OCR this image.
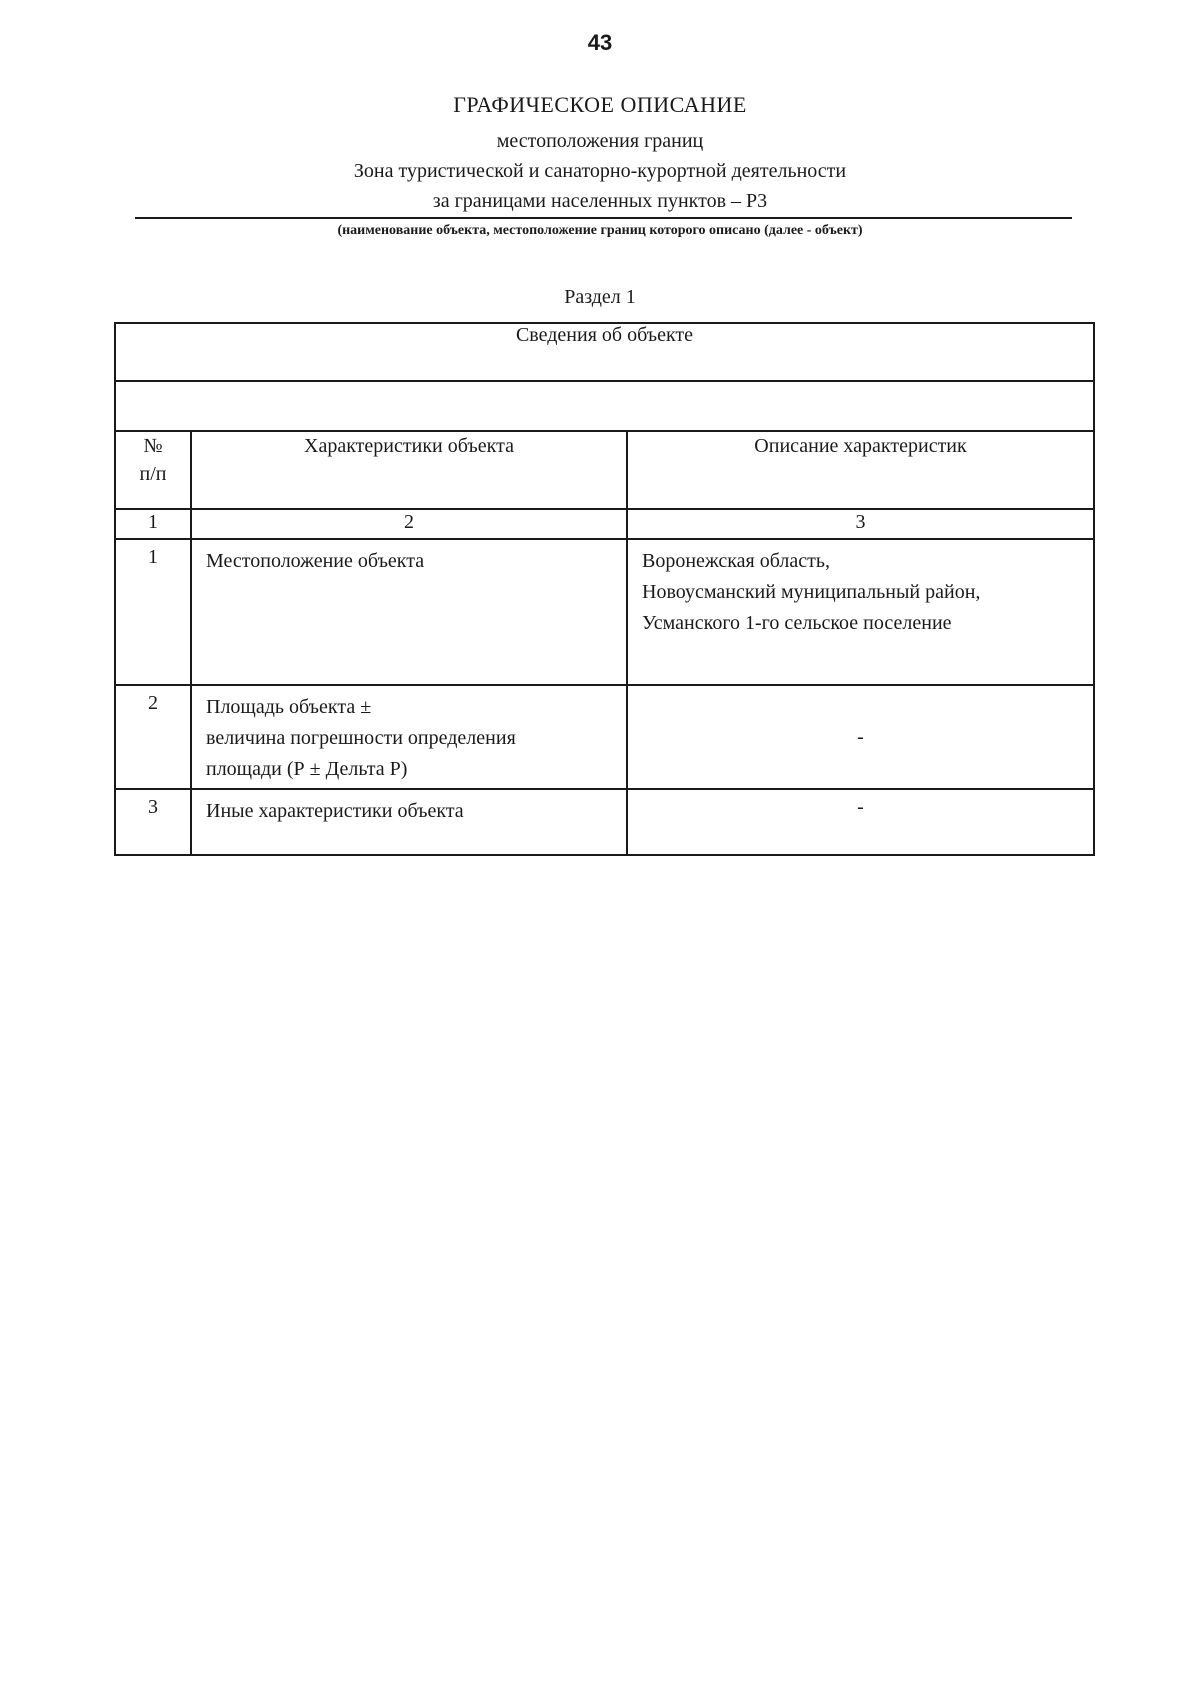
43
ГРАФИЧЕСКОЕ ОПИСАНИЕ
местоположения границ
Зона туристической и санаторно-курортной деятельности
за границами населенных пунктов – Р3
(наименование объекта, местоположение границ которого описано (далее - объект)
Раздел 1
Сведения об объекте		

№
п/п	Характеристики объекта	Описание характеристик
1	2	3
1	Местоположение объекта	Воронежская область,
Новоусманский муниципальный район,
Усманского 1-го сельское поселение
2	Площадь объекта ±
величина погрешности определения
площади (Р ± Дельта Р)	-
3	Иные характеристики объекта	-
